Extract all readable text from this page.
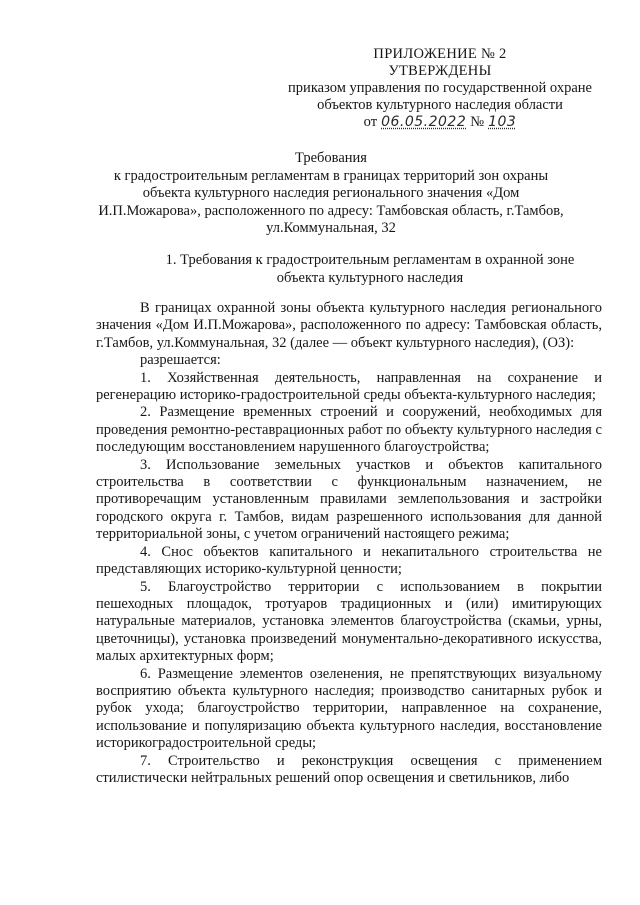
ПРИЛОЖЕНИЕ № 2
УТВЕРЖДЕНЫ
приказом управления по государственной охране
объектов культурного наследия области
от 06.05.2022 № 103
Требования
к градостроительным регламентам в границах территорий зон охраны
объекта культурного наследия регионального значения «Дом
И.П.Можарова», расположенного по адресу: Тамбовская область, г.Тамбов,
ул.Коммунальная, 32
1. Требования к градостроительным регламентам в охранной зоне
объекта культурного наследия

В границах охранной зоны объекта культурного наследия регионального значения «Дом И.П.Можарова», расположенного по адресу: Тамбовская область, г.Тамбов, ул.Коммунальная, 32 (далее — объект культурного наследия), (ОЗ):

разрешается:

1. Хозяйственная деятельность, направленная на сохранение и регенерацию историко-градостроительной среды объекта-культурного наследия;

2. Размещение временных строений и сооружений, необходимых для проведения ремонтно-реставрационных работ по объекту культурного наследия с последующим восстановлением нарушенного благоустройства;

3. Использование земельных участков и объектов капитального строительства в соответствии с функциональным назначением, не противоречащим установленным правилами землепользования и застройки городского округа г. Тамбов, видам разрешенного использования для данной территориальной зоны, с учетом ограничений настоящего режима;

4. Снос объектов капитального и некапитального строительства не представляющих историко-культурной ценности;

5. Благоустройство территории с использованием в покрытии пешеходных площадок, тротуаров традиционных и (или) имитирующих натуральные материалов, установка элементов благоустройства (скамьи, урны, цветочницы), установка произведений монументально-декоративного искусства, малых архитектурных форм;

6. Размещение элементов озеленения, не препятствующих визуальному восприятию объекта культурного наследия; производство санитарных рубок и рубок ухода; благоустройство территории, направленное на сохранение, использование и популяризацию объекта культурного наследия, восстановление историкоградостроительной среды;

7. Строительство и реконструкция освещения с применением стилистически нейтральных решений опор освещения и светильников, либо
